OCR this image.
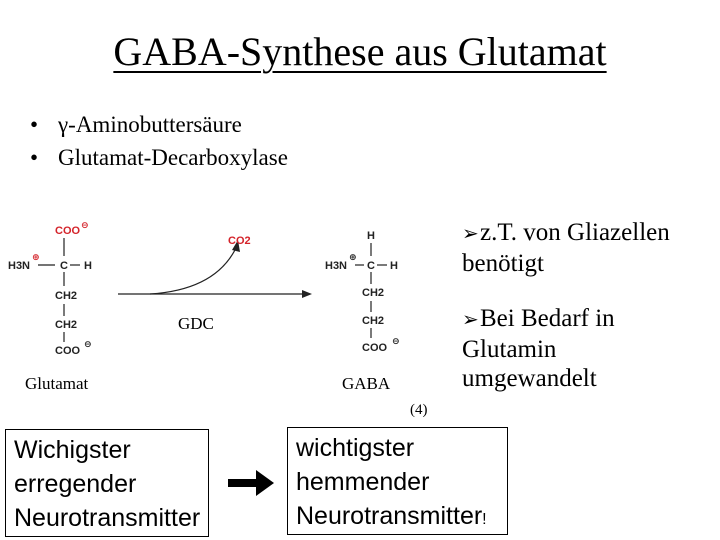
GABA-Synthese aus Glutamat
• γ-Aminobuttersäure
• Glutamat-Decarboxylase
COO ⊖
H3N
⊕
C H
CH2
CH2
COO
⊖
CO2	H
H3N
⊕
C H
CH2
CH2
COO
⊖
GDC
Glutamat	GABA
(4)
➢z.T. von Gliazellen
benötigt
➢Bei Bedarf in
Glutamin
umgewandelt
Wichigster
erregender
Neurotransmitter
wichtigster
hemmender
Neurotransmitter!
